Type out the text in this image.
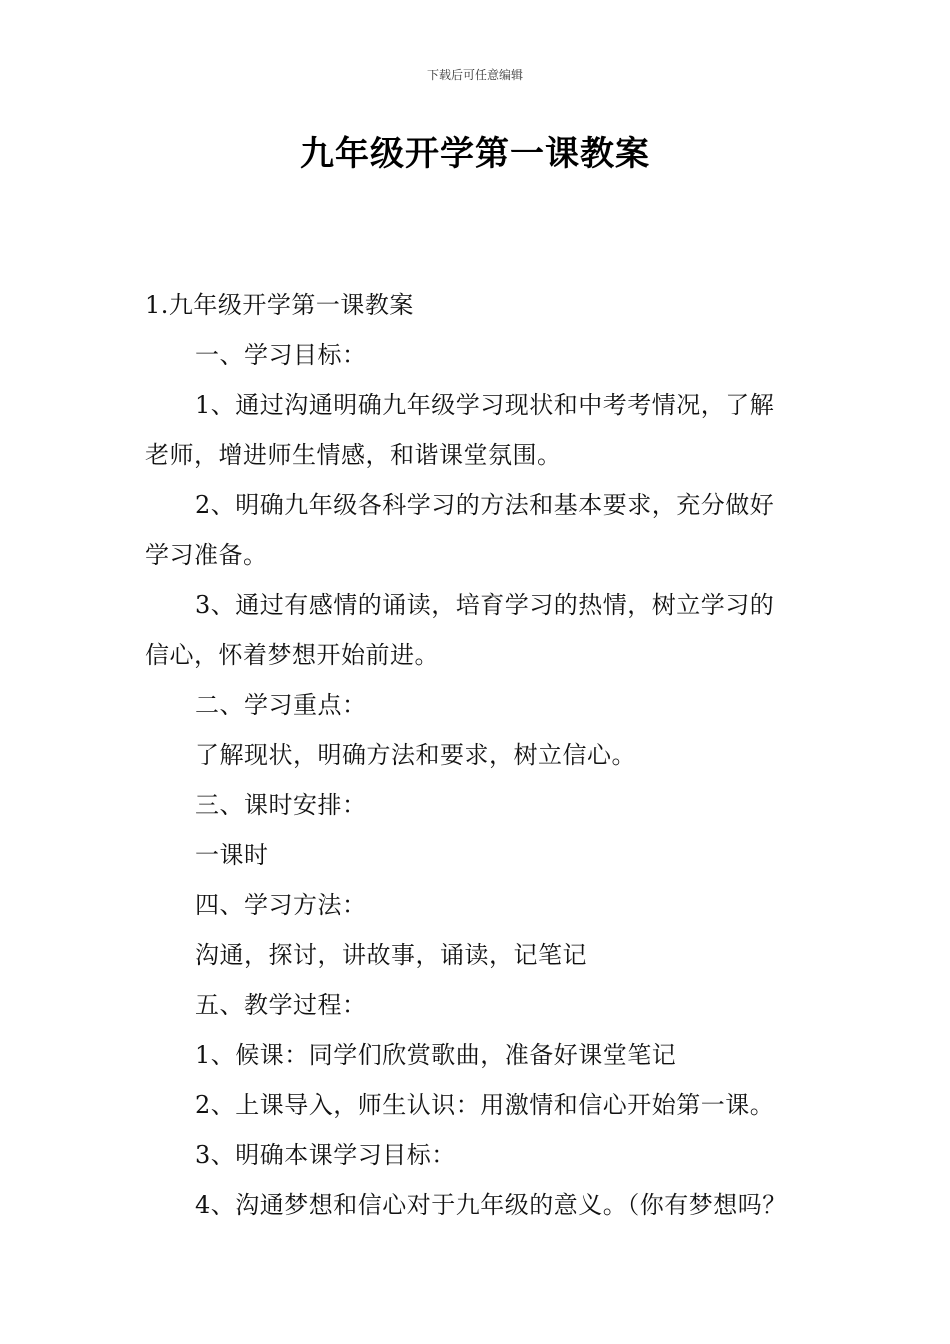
下载后可任意编辑
九年级开学第一课教案
1.九年级开学第一课教案
一、学习目标：
1、通过沟通明确九年级学习现状和中考考情况，了解
老师，增进师生情感，和谐课堂氛围。
2、明确九年级各科学习的方法和基本要求，充分做好
学习准备。
3、通过有感情的诵读，培育学习的热情，树立学习的
信心，怀着梦想开始前进。
二、学习重点：
了解现状，明确方法和要求，树立信心。
三、课时安排：
一课时
四、学习方法：
沟通，探讨，讲故事，诵读，记笔记
五、教学过程：
1、候课：同学们欣赏歌曲，准备好课堂笔记
2、上课导入，师生认识：用激情和信心开始第一课。
3、明确本课学习目标：
4、沟通梦想和信心对于九年级的意义。（你有梦想吗？
